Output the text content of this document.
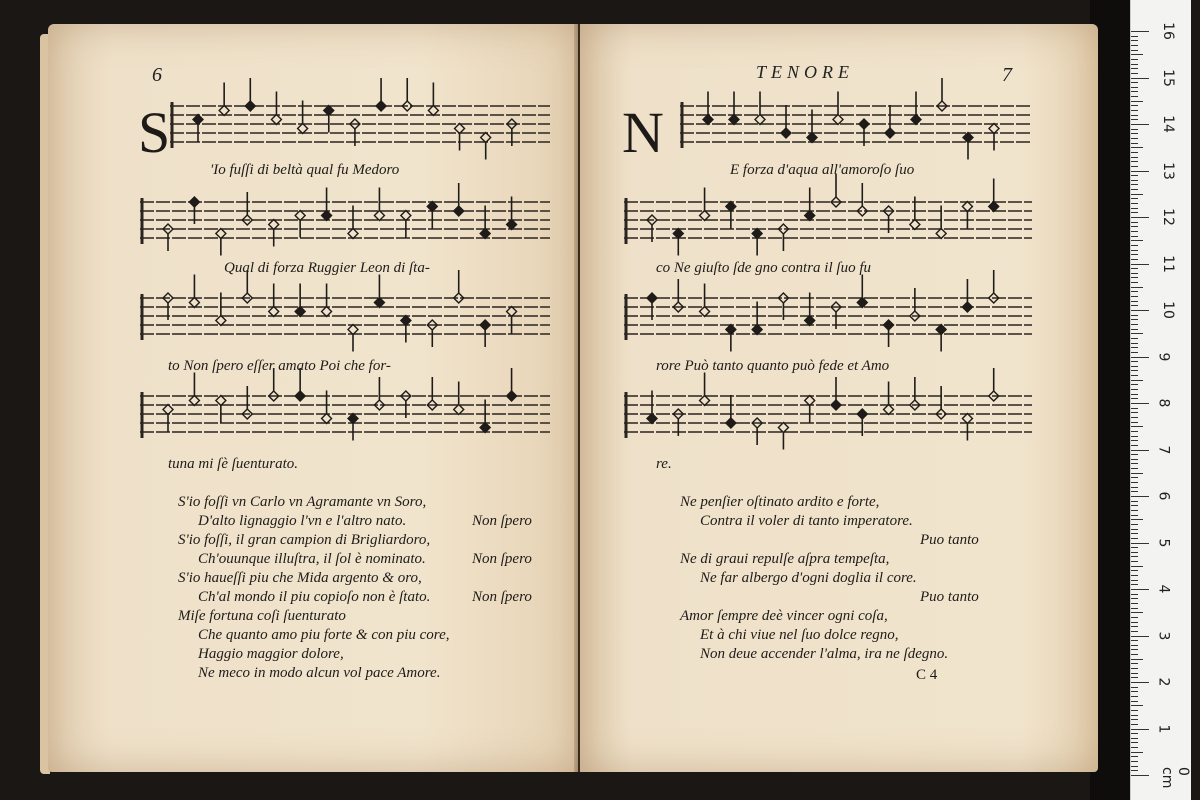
6
S
'Io fuſſi di beltà qual fu Medoro
Qual di forza Ruggier Leon di ſta-
to Non ſpero eſſer amato Poi che for-
tuna mi ſè ſuenturato.
S'io foſſi vn Carlo vn Agramante vn Soro,
D'alto lignaggio l'vn e l'altro nato.	Non ſpero
S'io foſſi, il gran campion di Brigliardoro,
Ch'ouunque illuſtra, il ſol è nominato.	Non ſpero
S'io haueſſi piu che Mida argento & oro,
Ch'al mondo il piu copioſo non è ſtato.	Non ſpero
Miſe fortuna coſi ſuenturato
Che quanto amo piu forte & con piu core,
Haggio maggior dolore,
Ne meco in modo alcun vol pace Amore.
TENORE	7
N
E forza d'aqua all'amoroſo ſuo
co Ne giuſto ſde gno contra il ſuo fu
rore Può tanto quanto può fede et Amo
re.
Ne penſier oſtinato ardito e forte,
Contra il voler di tanto imperatore.
Puo tanto
Ne di graui repulſe aſpra tempeſta,
Ne far albergo d'ogni doglia il core.
Puo tanto
Amor ſempre deè vincer ogni coſa,
Et à chi viue nel ſuo dolce regno,
Non deue accender l'alma, ira ne ſdegno.
C 4
0 cm
1
2
3
4
5
6
7
8
9
10
11
12
13
14
15
16
